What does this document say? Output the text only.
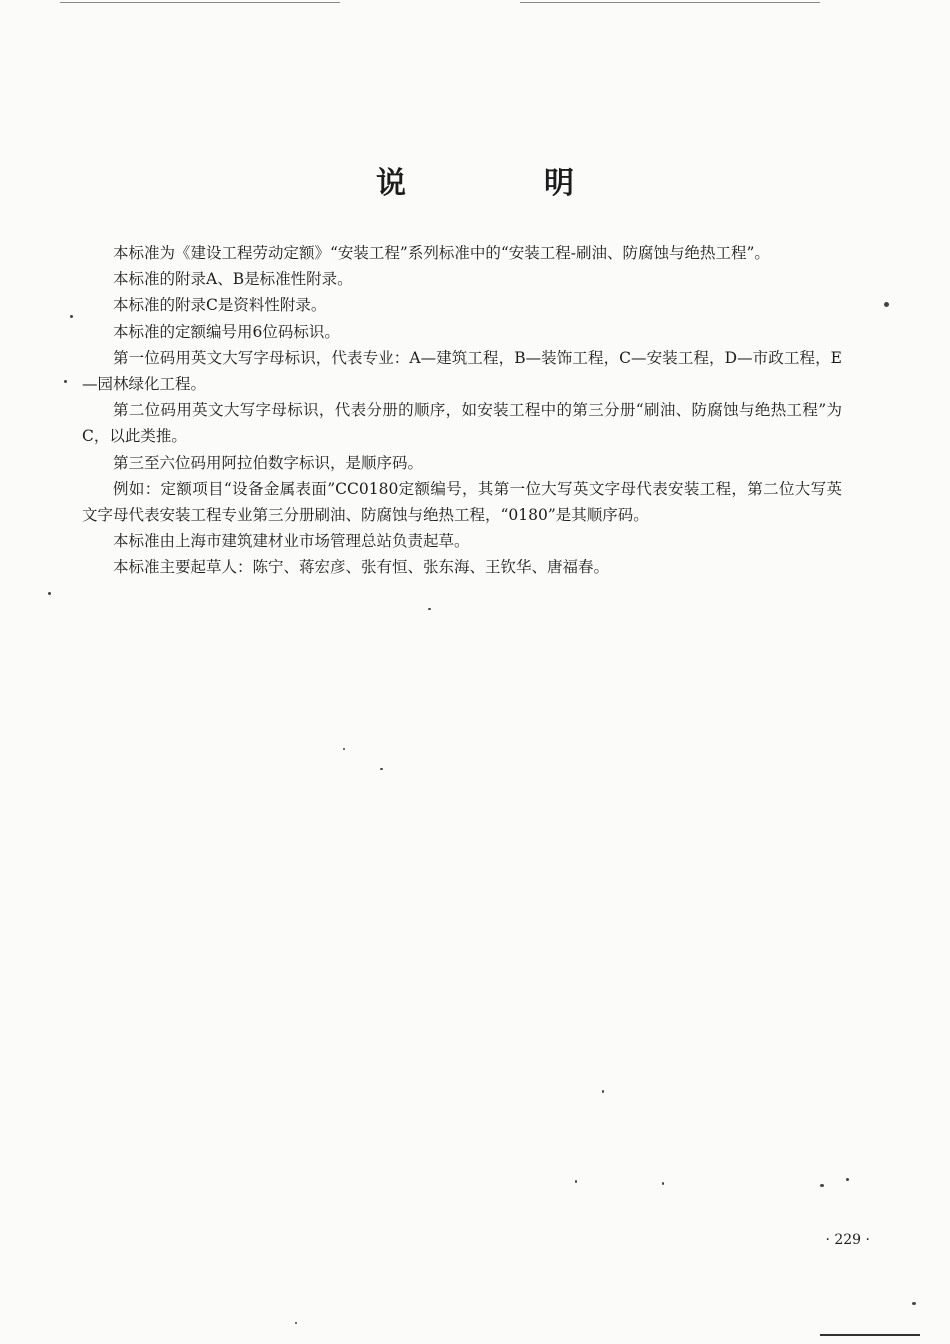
说　明

本标准为《建设工程劳动定额》“安装工程”系列标准中的“安装工程-刷油、防腐蚀与绝热工程”。

本标准的附录A、B是标准性附录。

本标准的附录C是资料性附录。

本标准的定额编号用6位码标识。

第一位码用英文大写字母标识，代表专业：A—建筑工程，B—装饰工程，C—安装工程，D—市政工程，E—园林绿化工程。

第二位码用英文大写字母标识，代表分册的顺序，如安装工程中的第三分册“刷油、防腐蚀与绝热工程”为C，以此类推。

第三至六位码用阿拉伯数字标识，是顺序码。

例如：定额项目“设备金属表面”CC0180定额编号，其第一位大写英文字母代表安装工程，第二位大写英文字母代表安装工程专业第三分册刷油、防腐蚀与绝热工程，“0180”是其顺序码。

本标准由上海市建筑建材业市场管理总站负责起草。

本标准主要起草人：陈宁、蒋宏彦、张有恒、张东海、王钦华、唐福春。

· 229 ·
